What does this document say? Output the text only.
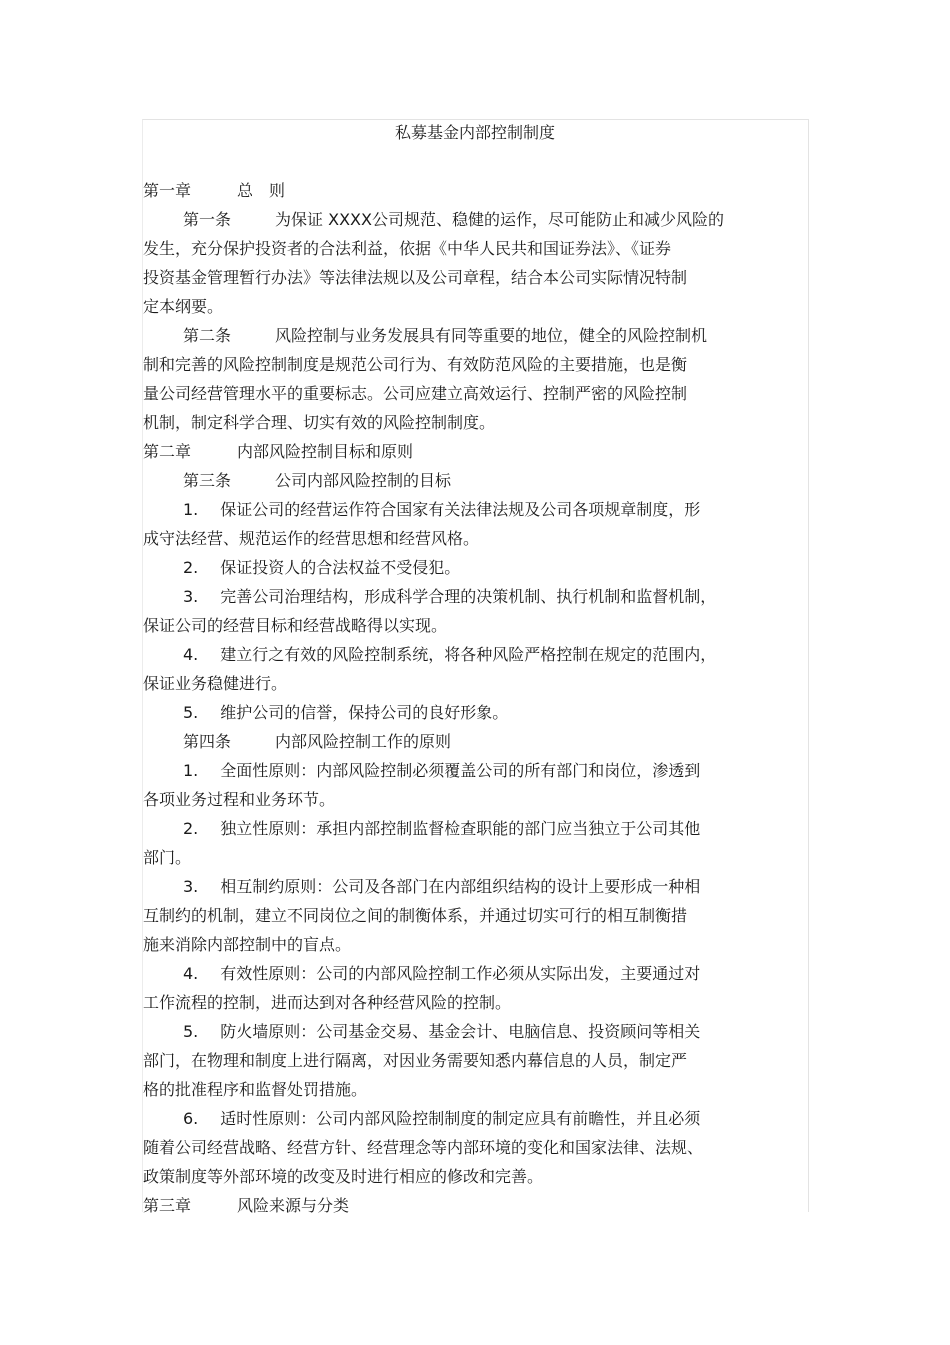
私募基金内部控制制度
第一章	总　则
第一条	为保证 XXXX公司规范、稳健的运作，尽可能防止和减少风险的
发生，充分保护投资者的合法利益，依据《中华人民共和国证券法》、《证券
投资基金管理暂行办法》等法律法规以及公司章程，结合本公司实际情况特制
定本纲要。
第二条	风险控制与业务发展具有同等重要的地位，健全的风险控制机
制和完善的风险控制制度是规范公司行为、有效防范风险的主要措施，也是衡
量公司经营管理水平的重要标志。公司应建立高效运行、控制严密的风险控制
机制，制定科学合理、切实有效的风险控制制度。
第二章	内部风险控制目标和原则
第三条	公司内部风险控制的目标
1. 保证公司的经营运作符合国家有关法律法规及公司各项规章制度，形
成守法经营、规范运作的经营思想和经营风格。
2. 保证投资人的合法权益不受侵犯。
3. 完善公司治理结构，形成科学合理的决策机制、执行机制和监督机制，
保证公司的经营目标和经营战略得以实现。
4. 建立行之有效的风险控制系统，将各种风险严格控制在规定的范围内，
保证业务稳健进行。
5. 维护公司的信誉，保持公司的良好形象。
第四条	内部风险控制工作的原则
1. 全面性原则：内部风险控制必须覆盖公司的所有部门和岗位，渗透到
各项业务过程和业务环节。
2. 独立性原则：承担内部控制监督检查职能的部门应当独立于公司其他
部门。
3. 相互制约原则：公司及各部门在内部组织结构的设计上要形成一种相
互制约的机制，建立不同岗位之间的制衡体系，并通过切实可行的相互制衡措
施来消除内部控制中的盲点。
4. 有效性原则：公司的内部风险控制工作必须从实际出发，主要通过对
工作流程的控制，进而达到对各种经营风险的控制。
5. 防火墙原则：公司基金交易、基金会计、电脑信息、投资顾问等相关
部门，在物理和制度上进行隔离，对因业务需要知悉内幕信息的人员，制定严
格的批准程序和监督处罚措施。
6. 适时性原则：公司内部风险控制制度的制定应具有前瞻性，并且必须
随着公司经营战略、经营方针、经营理念等内部环境的变化和国家法律、法规、
政策制度等外部环境的改变及时进行相应的修改和完善。
第三章	风险来源与分类
